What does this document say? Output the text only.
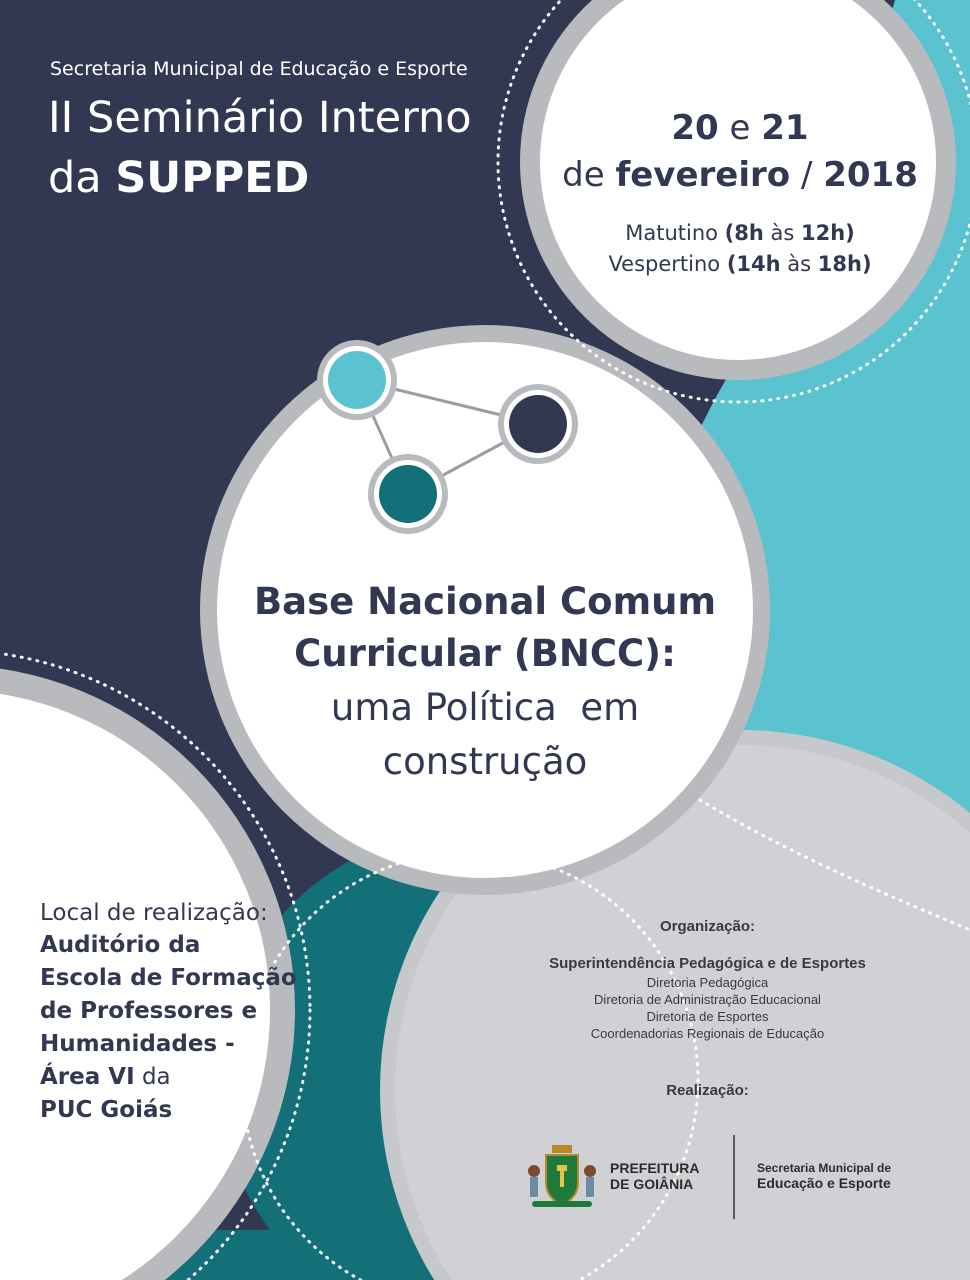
Secretaria Municipal de Educação e Esporte
II Seminário Interno
da SUPPED
20 e 21
de fevereiro / 2018
Matutino (8h às 12h)
Vespertino (14h às 18h)
Base Nacional Comum
Curricular (BNCC):
uma Política  em
construção
Local de realização:
Auditório da
Escola de Formação
de Professores e
Humanidades -
Área VI da
PUC Goiás
Organização:
Superintendência Pedagógica e de Esportes
Diretoria Pedagógica
Diretoria de Administração Educacional
Diretoria de Esportes
Coordenadorias Regionais de Educação
Realização:
PREFEITURA
DE GOIÂNIA
Secretaria Municipal de
Educação e Esporte
